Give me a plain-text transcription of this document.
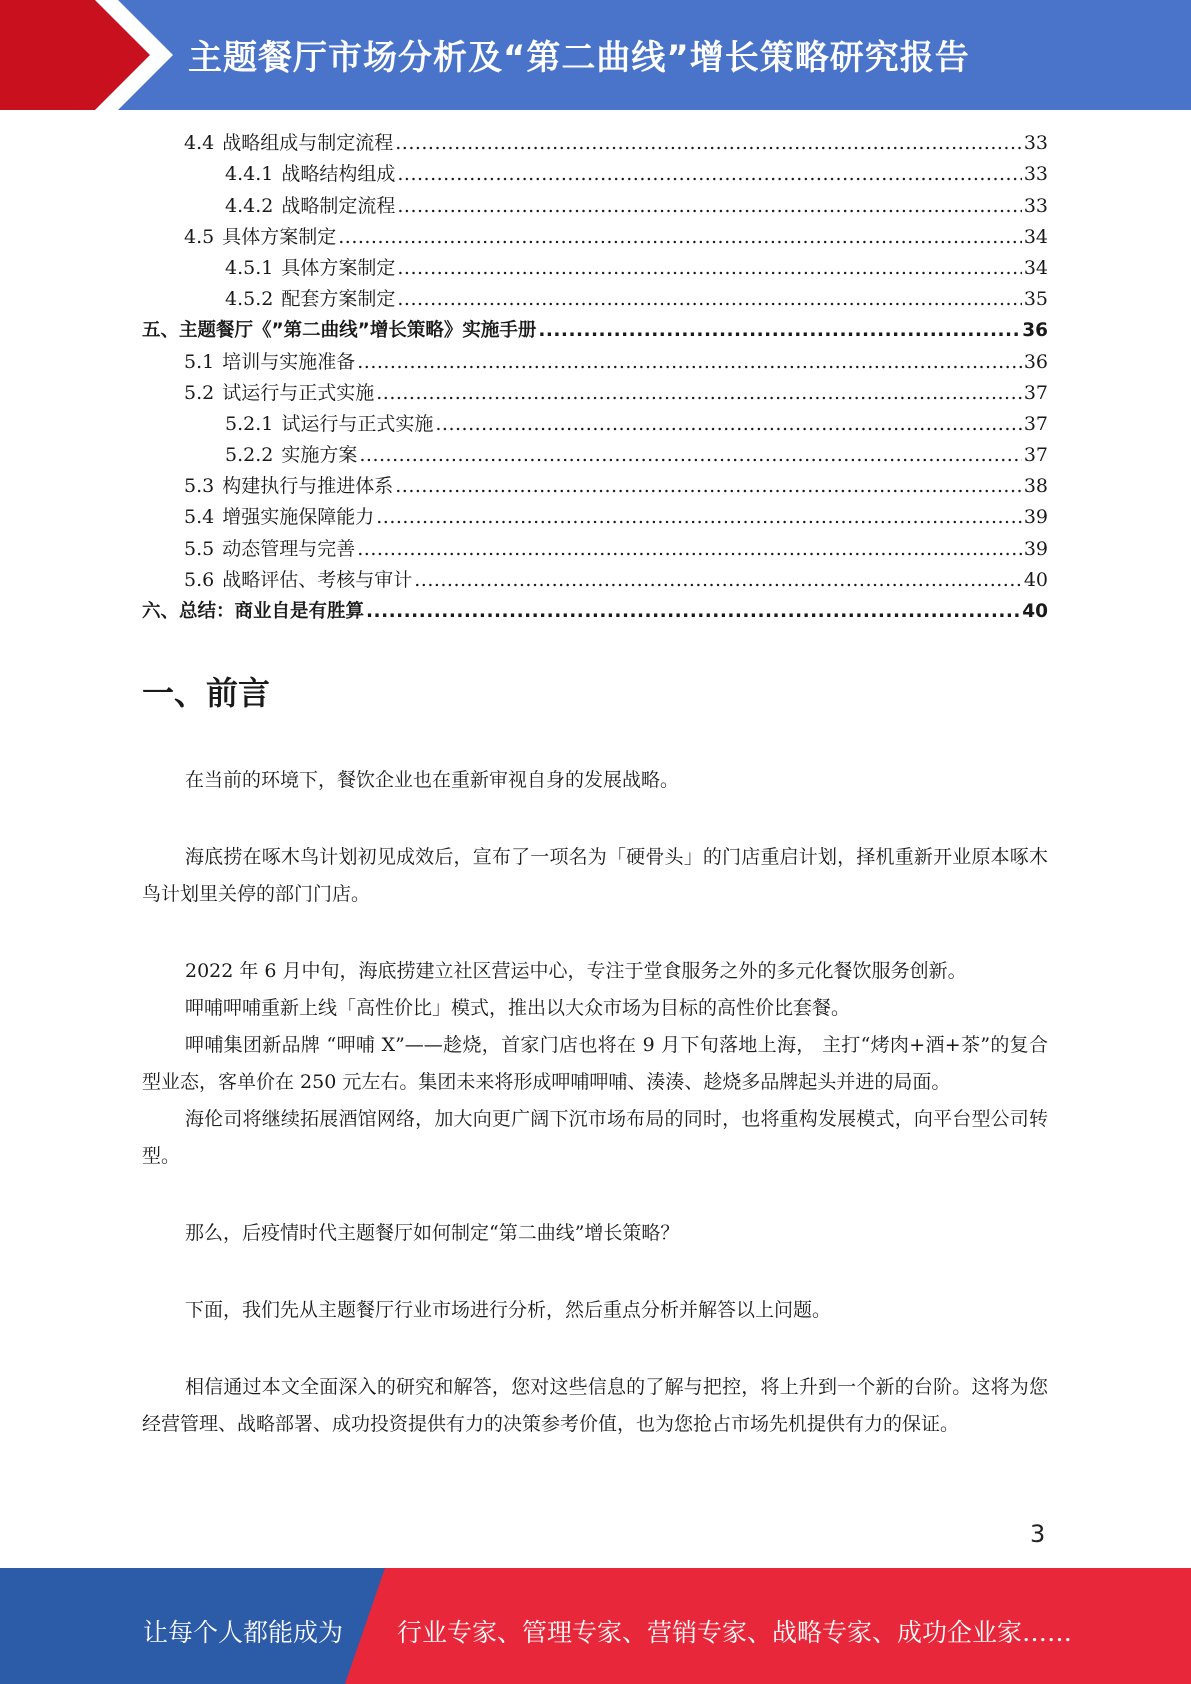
主题餐厅市场分析及“第二曲线”增长策略研究报告
4.4 战略组成与制定流程 .....	33
4.4.1 战略结构组成 .....	33
4.4.2 战略制定流程 .....	33
4.5 具体方案制定 .....	34
4.5.1 具体方案制定 .....	34
4.5.2 配套方案制定 .....	35
五、主题餐厅《”第二曲线”增长策略》实施手册 .....	36
5.1 培训与实施准备 .....	36
5.2 试运行与正式实施 .....	37
5.2.1 试运行与正式实施 .....	37
5.2.2 实施方案 .....	37
5.3 构建执行与推进体系 .....	38
5.4 增强实施保障能力 .....	39
5.5 动态管理与完善 .....	39
5.6 战略评估、考核与审计 .....	40
六、总结：商业自是有胜算 .....	40
一、前言

在当前的环境下，餐饮企业也在重新审视自身的发展战略。

海底捞在啄木鸟计划初见成效后，宣布了一项名为「硬骨头」的门店重启计划，择机重新开业原本啄木鸟计划里关停的部门门店。

2022 年 6 月中旬，海底捞建立社区营运中心，专注于堂食服务之外的多元化餐饮服务创新。

呷哺呷哺重新上线「高性价比」模式，推出以大众市场为目标的高性价比套餐。

呷哺集团新品牌 “呷哺 X”——趁烧，首家门店也将在 9 月下旬落地上海， 主打“烤肉+酒+茶”的复合型业态，客单价在 250 元左右。集团未来将形成呷哺呷哺、湊湊、趁烧多品牌起头并进的局面。

海伦司将继续拓展酒馆网络，加大向更广阔下沉市场布局的同时，也将重构发展模式，向平台型公司转型。

那么，后疫情时代主题餐厅如何制定“第二曲线”增长策略？

下面，我们先从主题餐厅行业市场进行分析，然后重点分析并解答以上问题。

相信通过本文全面深入的研究和解答，您对这些信息的了解与把控，将上升到一个新的台阶。这将为您经营管理、战略部署、成功投资提供有力的决策参考价值，也为您抢占市场先机提供有力的保证。

3
让每个人都能成为 行业专家、管理专家、营销专家、战略专家、成功企业家……
